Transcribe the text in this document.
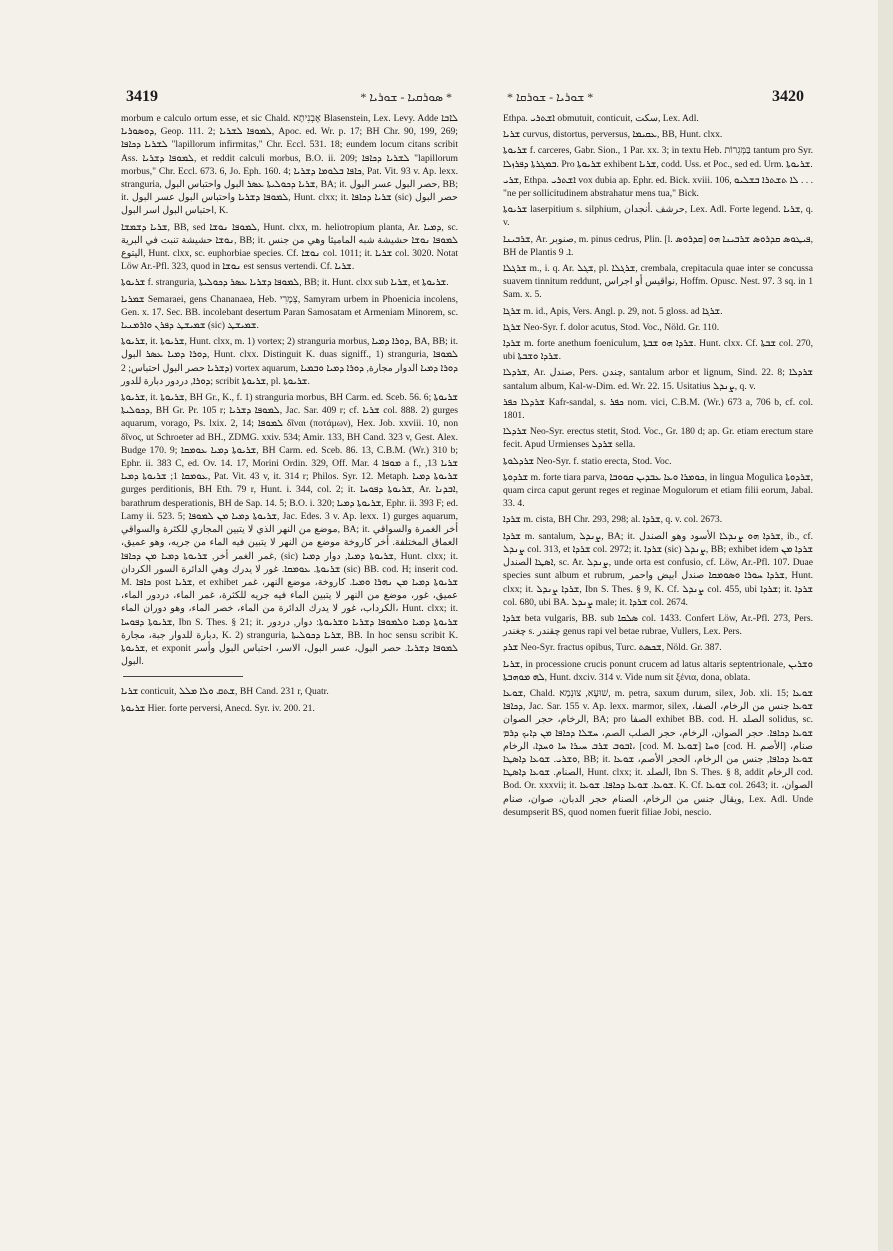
3419	* ܣܘܪܩܝܐ - ܫܘܪܝܐ *	* ܫܘܪܝܐ - ܫܘܪܩܐ *	3420

morbum e calculo ortum esse, et sic Chald. אֶבְנִיתָא Blasenstein, Lex. Levy. Adde ܠܐܒܐ ܕܘܣܘܪܝܐ, Geop. 111. 2; ܠܡܘܦܐ ܠܫܪܝܐ, Apoc. ed. Wr. p. 17; BH Chr. 90, 199, 269; ܠܫܪܝܐ ܕܟܐܦܐ "lapillorum infirmitas," Chr. Eccl. 531. 18; eundem locum citans scribit Ass. ܠܡܘܦܐ ܕܫܪܝܐ, et reddit calculi morbus, B.O. ii. 209; ܠܫܪܝܐ ܕܟܐܦܐ "lapillorum morbus," Chr. Eccl. 673. 6, Jo. Eph. 160. 4; ܟܐܦܐ ܒܠܘܡܐ ܕܫܪܝܐ, Pat. Vit. 93 v. Ap. lexx. stranguria, ܫܪܝܐ ܕܟܘܠܝܬܐ ܥܣܪ البول واحتباس البول, BA; it. حصر البول عسر البول, BB; it. ܠܡܘܦܐ ܕܫܪܝܐ واحتباس البول عسر البول, Hunt. clxx; it. ܫܪܝܐ ܕܟܐܦܐ (sic) حصر البول احتباس البول اسر البول, K.

ܫܪܝܐ ܕܫܡܫܐ, BB, sed ܠܡܘܦܐ ܢܘܫܐ, Hunt. clxx, m. heliotropium planta, Ar. ܕܡܝܐ, sc. ܢܘܫܐ حشيشة تنبت في البرية, BB; it. ܠܡܘܦܐ ܢܘܫܐ حشيشة شبه الماميثا وهي من جنس اليتوع, Hunt. clxx, sc. euphorbiae species. Cf. ܢܘܫܐ col. 1011; it. ܫܪܝܐ col. 3020. Notat Löw Ar.-Pfl. 323, quod in ܢܘܫܐ est sensus vertendi. Cf. ܫܪܝܐ.

ܫܪܝܘܬܐ f. stranguria, ܠܡܘܦܐ ܕܫܪܝܐ ܥܣܪ ܕܟܘܠܝܬܐ, BB; it. Hunt. clxx sub ܫܪܝܐ, et ܫܪܝܘܬܐ.

ܫܡܪܝܐ Semaraei, gens Chananaea, Heb. צְמָרִי, Samyram urbem in Phoenicia incolens, Gen. x. 17. Sec. BB. incolebant desertum Paran Samosatam et Armeniam Minorem, sc. ܫܡܝܫܛ ܕܦܪܢ ܘܐܪܡܢܝܐ (sic) ܫܡܝܫܛ.

ܫܪܝܘܬܐ, it. ܫܪܝܘܬܐ, Hunt. clxx, m. 1) vortex; 2) stranguria morbus, ܕܘܪܐ ܕܡܝܐ, BA, BB; it. ܕܘܪܐ ܕܡܝܐ ܥܣܪ البول, Hunt. clxx. Distinguit K. duas signiff., 1) stranguria, ܠܡܘܦܐ ܕܫܪܝܐ حصر البول احتباس; 2) vortex aquarum, ܕܘܪܐ ܕܡܝܐ الدوار مجارة, ܕܘܪܐ ܕܡܝܐ ܘܒܡܝܐ ܕܘܪܐ, دردور دبارة للدور; scribit ܫܪܝܘܬܐ, pl. ܫܪܝܘܬܐ.

ܫܪܝܘܬܐ, it. ܫܪܝܘܬܐ, BH Gr., K., f. 1) stranguria morbus, BH Carm. ed. Sceb. 56. 6; ܫܪܝܘܬܐ ܕܟܘܠܝܬܐ, BH Gr. Pr. 105 r; ܠܡܘܦܐ ܕܫܪܝܐ, Jac. Sar. 409 r; cf. ܫܪܝܐ col. 888. 2) gurges aquarum, vorago, Ps. lxix. 2, 14; ܠܡܘܦܐ δῖναι (ποτάμων), Hex. Job. xxviii. 10, non δῖνος, ut Schroeter ad BH., ZDMG. xxiv. 534; Amir. 133, BH Cand. 323 v, Gest. Alex. Budge 170. 9; ܫܪܝܘܬܐ ܕܡܝܐ ܥܘܡܩܐ, BH Carm. ed. Sceb. 86. 13, C.B.M. (Wr.) 310 b; Ephr. ii. 383 C, ed. Ov. 14. 17, Morini Ordin. 329, Off. Mar. ܡܘܦܐ 4 a f., ܫܪܝܐ 13, ܥܘܡܩܐ 1; ܫܪܝܘܬܐ ܕܡܝܐ, Pat. Vit. 43 v, it. 314 r; Philos. Syr. 12. Metaph. ܫܪܝܘܬܐ ܕܡܝܐ gurges perditionis, BH Eth. 79 r, Hunt. i. 344, col. 2; it. ܫܪܝܘܬܐ ܕܦܘܚܐ, Ar. ܐܒܕܢܐ, barathrum desperationis, BH de Sap. 14. 5; B.O. i. 320; ܫܪܝܘܬܐ ܕܡܝܐ, Ephr. ii. 393 F; ed. Lamy ii. 523. 5; ܫܪܝܘܬܐ ܕܡܝܐ ܡܢ ܠܡܘܦܐ, Jac. Edes. 3 v. Ap. lexx. 1) gurges aquarum, موضع من النهر الذي لا يتبين المجاري للكثرة والسواقي, BA; it. أخر الغمرة والسواقي العماق المختلفة. أخر كاروخة موضع من النهر لا يتبين فيه الماء من جريه، وهو عميق، غمر الغمر أخر, ܫܪܝܘܬܐ ܕܡܝܐ ܡܢ ܕܟܐܦܐ, (sic) ܫܪܝܘܬܐ ܕܡܝܐ, دوار ܕܡܝܐ, Hunt. clxx; it. ܫܪܝܘܬܐ. ܥܘܡܩܐ. غور لا يدرك وهي الدائرة السور الكردان (sic) BB. cod. H; inserit cod. M. ܟܐܦܐ post ܫܪܝܐ, et exhibet ܫܪܝܘܬܐ ܕܡܝܐ ܡܢ ܢܗܪܐ ܘܡܝܐ. كاروخة، موضع النهر، غمر عميق، غور، موضع من النهر لا يتبين الماء فيه جريه للكثرة، غمر الماء، دردور الماء، الكرداب، غور لا يدرك الدائرة من الماء، خصر الماء، وهو دوران الماء، Hunt. clxx; it. ܫܪܝܘܬܐ ܕܦܘܚܐ, Ibn S. Thes. § 21; it. ܫܪܝܘܬܐ ܕܡܝܐ ܘܠܡܘܦܐ ܕܫܪܝܐ ܘܫܪܝܘܬܐ: دوار, دردور دبارة للدوار جبة، مجارة, K. 2) stranguria, ܫܪܝܐ ܕܟܘܠܝܬܐ, BB. In hoc sensu scribit K. ܫܪܝܘܬܐ, et exponit ܠܡܘܦܐ ܕܫܪܝܐ. حصر البول، عسر البول، الاسر، احتباس البول وأسر البول.

ܫܪܝܐ conticuit, ܫܬܩ ܘܠܐ ܡܠܠ, BH Cand. 231 r, Quatr.

ܫܪܝܘܬܐ Hier. forte perversi, Anecd. Syr. iv. 200. 21.

Ethpa. ܐܫܬܪܝ obmutuit, conticuit, سكت, Lex. Adl.

ܫܪܝܐ curvus, distortus, perversus, ܥܩܝܡܐ, BB, Hunt. clxx.

ܫܪܝܘܬܐ f. carceres, Gabr. Sion., 1 Par. xx. 3; in textu Heb. בַּמְּגֵרוֹת tantum pro Syr. ܒܡܓܪܬܐ ܕܦܪܙܠܐ. Pro ܫܪܝܘܬܐ exhibent ܫܪܝܐ, codd. Uss. et Poc., sed ed. Urm. ܫܪܝܘܬܐ.

ܫܪܝ, Ethpa. ܐܫܬܪܝ vox dubia ap. Ephr. ed. Bick. xviii. 106, ܠܐ ܬܫܬܪܐ ܒܫܠܝܘ . . . "ne per sollicitudinem abstrahatur mens tua," Bick.

ܫܪܝܘܬܐ laserpitium s. silphium, حرشف .أنجدان, Lex. Adl. Forte legend. ܫܪܝܐ, q. v.

ܫܪܒܝܢܐ, Ar. صنوبر, m. pinus cedrus, Plin. [l. ܩܕܪܘܣ] ܦܝܛܘܣ ܩܕܪܘܣ ܫܪܒܝܢܐ ܗܘ, BH de Plantis ܐ. 9.

ܫܪܓܠܐ m., i. q. Ar. ܫܓܠ, pl. ܫܪܓܠܐ, crembala, crepitacula quae inter se concussa suavem tinnitum reddunt, نواقيس أو اجراس, Hoffm. Opusc. Nest. 97. 3 sq. in 1 Sam. x. 5.

ܫܪܓܐ m. id., Apis, Vers. Angl. p. 29, not. 5 gloss. ad ܫܪܓܐ.

ܫܪܓܐ Neo-Syr. f. dolor acutus, Stod. Voc., Nöld. Gr. 110.

ܫܪܕܐ m. forte anethum foeniculum, ܫܪܕܐ ܗܘ ܫܒܬܐ. Hunt. clxx. Cf. ܫܒܬܐ col. 270, ubi ܫܪܕܐ ܘܫܒܬܐ.

ܫܪܕܠܐ, Ar. صندل, Pers. چندن, santalum arbor et lignum, Sind. 22. 8; ܫܪܕܠܐ santalum album, Kal-w-Dim. ed. Wr. 22. 15. Usitatius ܨܢܕܠ, q. v.

ܫܪܕܠܐ ܟܦܪ Kafr-sandal, s. ܟܦܪ nom. vici, C.B.M. (Wr.) 673 a, 706 b, cf. col. 1801.

ܫܪܕܠܐ Neo-Syr. erectus stetit, Stod. Voc., Gr. 180 d; ap. Gr. etiam erectum stare fecit. Apud Urmienses ܫܪܕܠ sella.

ܫܪܕܠܘܬܐ Neo-Syr. f. statio erecta, Stod. Voc.

ܫܪܕܘܬܐ m. forte tiara parva, ܟܘܡܪܐ ܘܥܐ ܥܒܕܝܢ ܩܘܘܒܐ, in lingua Mogulica ܫܪܕܘܬܐ, quam circa caput gerunt reges et reginae Mogulorum et etiam filii eorum, Jabal. 33. 4.

ܫܪܕܐ m. cista, BH Chr. 293, 298; al. ܫܪܕܐ, q. v. col. 2673.

ܫܪܕܐ m. santalum, ܨܢܕܠ, BA; it. ܫܪܕܐ ܗܘ ܨܢܕܠܐ الأسود وهو الصندل, ib., cf. ܨܢܕܠ col. 313, et ܫܪܕܐ col. 2972; it. ܫܪܕܐ (sic) ܨܢܕܠ, BB; exhibet idem ܫܪܕܐ ܡܢ ܐܣܛܐ الصندل, sc. Ar. ܨܢܕܠ, unde orta est confusio, cf. Löw, Ar.-Pfl. 107. Duae species sunt album et rubrum, ܫܪܕܐ ܚܘܪܐ ܘܣܘܡܩܐ صندل ابيض واحمر, Hunt. clxx; it. ܫܪܕܐ ܨܢܕܠ, Ibn S. Thes. § 9, K. Cf. ܨܢܕܠ col. 455, ubi ܫܪܕܐ; it. ܫܪܕܐ col. 680, ubi BA. ܨܢܕܠ male; it. ܫܪܕܐ col. 2674.

ܫܪܕܐ beta vulgaris, BB. sub ܣܠܩܐ col. 1433. Confert Löw, Ar.-Pfl. 273, Pers. چغندر s. چقندر genus rapi vel betae rubrae, Vullers, Lex. Pers.

ܫܪܕ Neo-Syr. fractus opibus, Turc. ܫܟܣܬ, Nöld. Gr. 387.

ܫܪܝܐ, in processione crucis ponunt crucem ad latus altaris septentrionale, ܘܫܪܝܢ ܠܗ ܡܘܗܒܬܐ, Hunt. dxciv. 314 v. Vide num sit ξένια, dona, oblata.

ܫܘܥܐ, Chald. שׁוּעָא, צוּנְמָא, m. petra, saxum durum, silex, Job. xli. 15; ܫܘܥܐ ܕܟܐܦܐ, Jac. Sar. 155 v. Ap. lexx. marmor, silex, ܫܘܥܐ جنس من الرخام، الصفا، الرخام، حجر الصوان, BA; pro الصفا exhibet BB. cod. H. الصلد solidus, sc. ܫܘܥܐ ܕܟܐܦܐ. حجر الصوان، الرخام، حجر الصلب الصم، ܚܫܠܐ ܕܟܐܦܐ ܡܢ ܕܐܝܟ ܕܪܡ ܐܒܘܒ ܫܪܒ ܚܝܪܐ ܚܐ ܘܚܕܐ، الرخام، [cod. M. ܫܘܥܐ] ܘܚܐ [cod. H. الأصم] صنام، ܘܫܪܝ. ܫܘܥܐ ܕܐܣܛܐ, BB; it. ܫܘܥܐ ܕܟܐܦܐ, جنس من الرخام، الحجر الأصم، ܫܘܥܐ الصنام. ܫܘܥܐ ܕܐܣܛܐ, Hunt. clxx; it. الصلد, Ibn S. Thes. § 8, addit الرخام cod. Bod. Or. xxxvii; it. ܫܘܥܐ. ܫܘܥܐ ܕܟܐܦܐ. ܫܘܥܐ. K. Cf. ܫܘܥܐ col. 2643; it. الصوان، ويقال جنس من الرخام، الصنام حجر الدبان، صوان، صنام, Lex. Adl. Unde desumpserit BS, quod nomen fuerit filiae Jobi, nescio.
